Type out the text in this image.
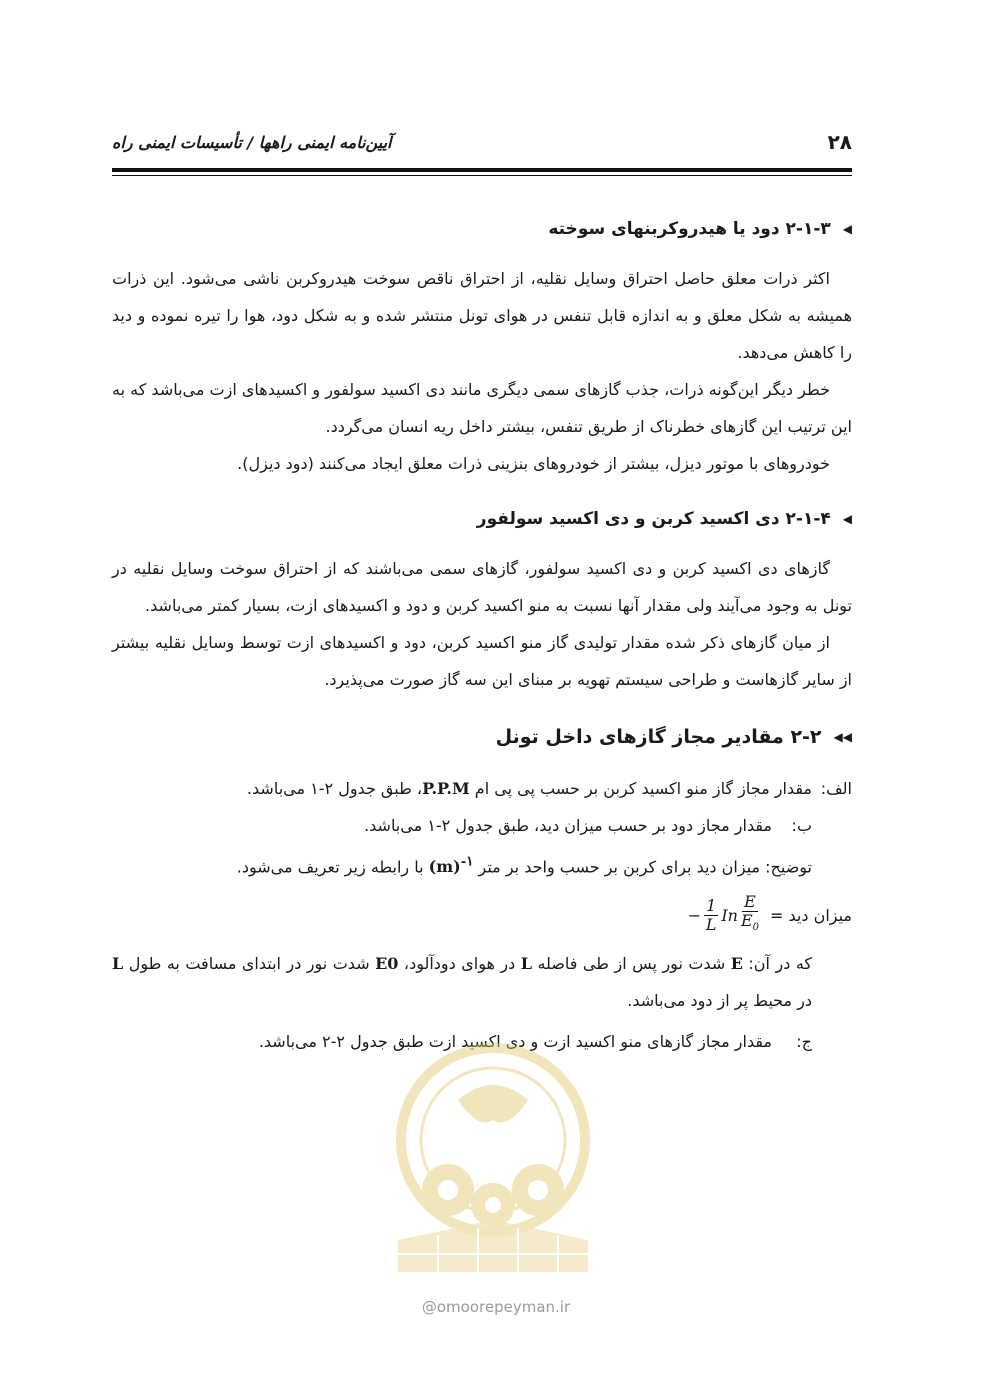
آیین‌نامه ایمنی راهها / تأسیسات ایمنی راه	۲۸
◀
۲-۱-۳ دود یا هیدروکربنهای سوخته

اکثر ذرات معلق حاصل احتراق وسایل نقلیه، از احتراق ناقص سوخت هیدروکربن ناشی می‌شود. این ذرات همیشه به شکل معلق و به اندازه قابل تنفس در هوای تونل منتشر شده و به شکل دود، هوا را تیره نموده و دید را کاهش می‌دهد.

خطر دیگر این‌گونه ذرات، جذب گازهای سمی دیگری مانند دی اکسید سولفور و اکسیدهای ازت می‌باشد که به این ترتیب این گازهای خطرناک از طریق تنفس، بیشتر داخل ریه انسان می‌گردد.

خودروهای با موتور دیزل، بیشتر از خودروهای بنزینی ذرات معلق ایجاد می‌کنند (دود دیزل).

◀
۲-۱-۴ دی اکسید کربن و دی اکسید سولفور

گازهای دی اکسید کربن و دی اکسید سولفور، گازهای سمی می‌باشند که از احتراق سوخت وسایل نقلیه در تونل به وجود می‌آیند ولی مقدار آنها نسبت به منو اکسید کربن و دود و اکسیدهای ازت، بسیار کمتر می‌باشد.

از میان گازهای ذکر شده مقدار تولیدی گاز منو اکسید کربن، دود و اکسیدهای ازت توسط وسایل نقلیه بیشتر از سایر گازهاست و طراحی سیستم تهویه بر مبنای این سه گاز صورت می‌پذیرد.

◀◀
۲-۲ مقادیر مجاز گازهای داخل تونل
الف:
مقدار مجاز گاز منو اکسید کربن بر حسب پی پی ام P.P.M، طبق جدول ۲-۱ می‌باشد.
ب:
مقدار مجاز دود بر حسب میزان دید، طبق جدول ۲-۱ می‌باشد.
توضیح: میزان دید برای کربن بر حسب واحد بر متر $(m)^{-۱}$ با رابطه زیر تعریف می‌شود.
میزان دید =
− $\frac{1}{L}$ In $\frac{E}{E_0}$
که در آن: E شدت نور پس از طی فاصله L در هوای دودآلود، E0 شدت نور در ابتدای مسافت به طول L در محیط پر از دود می‌باشد.
ج:
مقدار مجاز گازهای منو اکسید ازت و دی اکسید ازت طبق جدول ۲-۲ می‌باشد.
@omoorepeyman.ir
